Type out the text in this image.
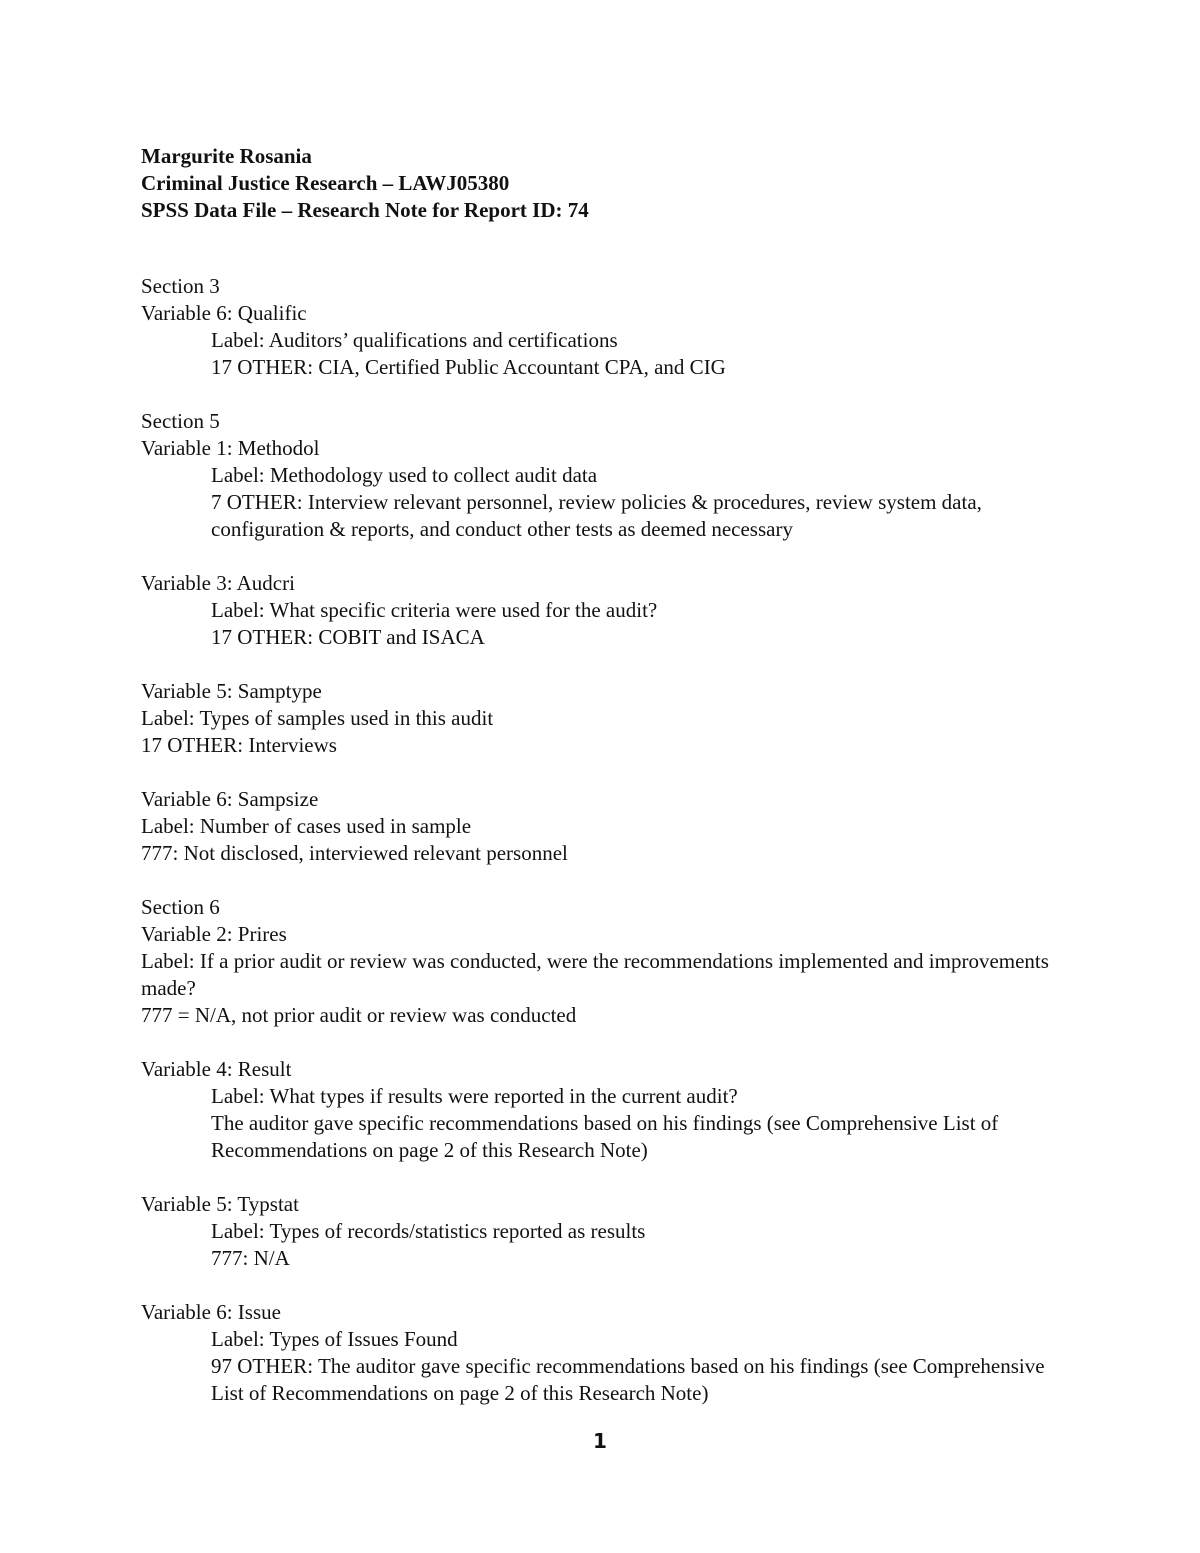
Margurite Rosania
Criminal Justice Research – LAWJ05380
SPSS Data File – Research Note for Report ID: 74
Section 3
Variable 6: Qualific
Label: Auditors’ qualifications and certifications
17 OTHER: CIA, Certified Public Accountant CPA, and CIG
Section 5
Variable 1: Methodol
Label: Methodology used to collect audit data
7 OTHER: Interview relevant personnel, review policies & procedures, review system data, configuration & reports, and conduct other tests as deemed necessary
Variable 3: Audcri
Label: What specific criteria were used for the audit?
17 OTHER: COBIT and ISACA
Variable 5: Samptype
Label: Types of samples used in this audit
17 OTHER: Interviews
Variable 6: Sampsize
Label: Number of cases used in sample
777: Not disclosed, interviewed relevant personnel
Section 6
Variable 2: Prires
Label: If a prior audit or review was conducted, were the recommendations implemented and improvements made?
777 = N/A, not prior audit or review was conducted
Variable 4: Result
Label: What types if results were reported in the current audit?
The auditor gave specific recommendations based on his findings (see Comprehensive List of Recommendations on page 2 of this Research Note)
Variable 5: Typstat
Label: Types of records/statistics reported as results
777: N/A
Variable 6: Issue
Label: Types of Issues Found
97 OTHER: The auditor gave specific recommendations based on his findings (see Comprehensive List of Recommendations on page 2 of this Research Note)
1
